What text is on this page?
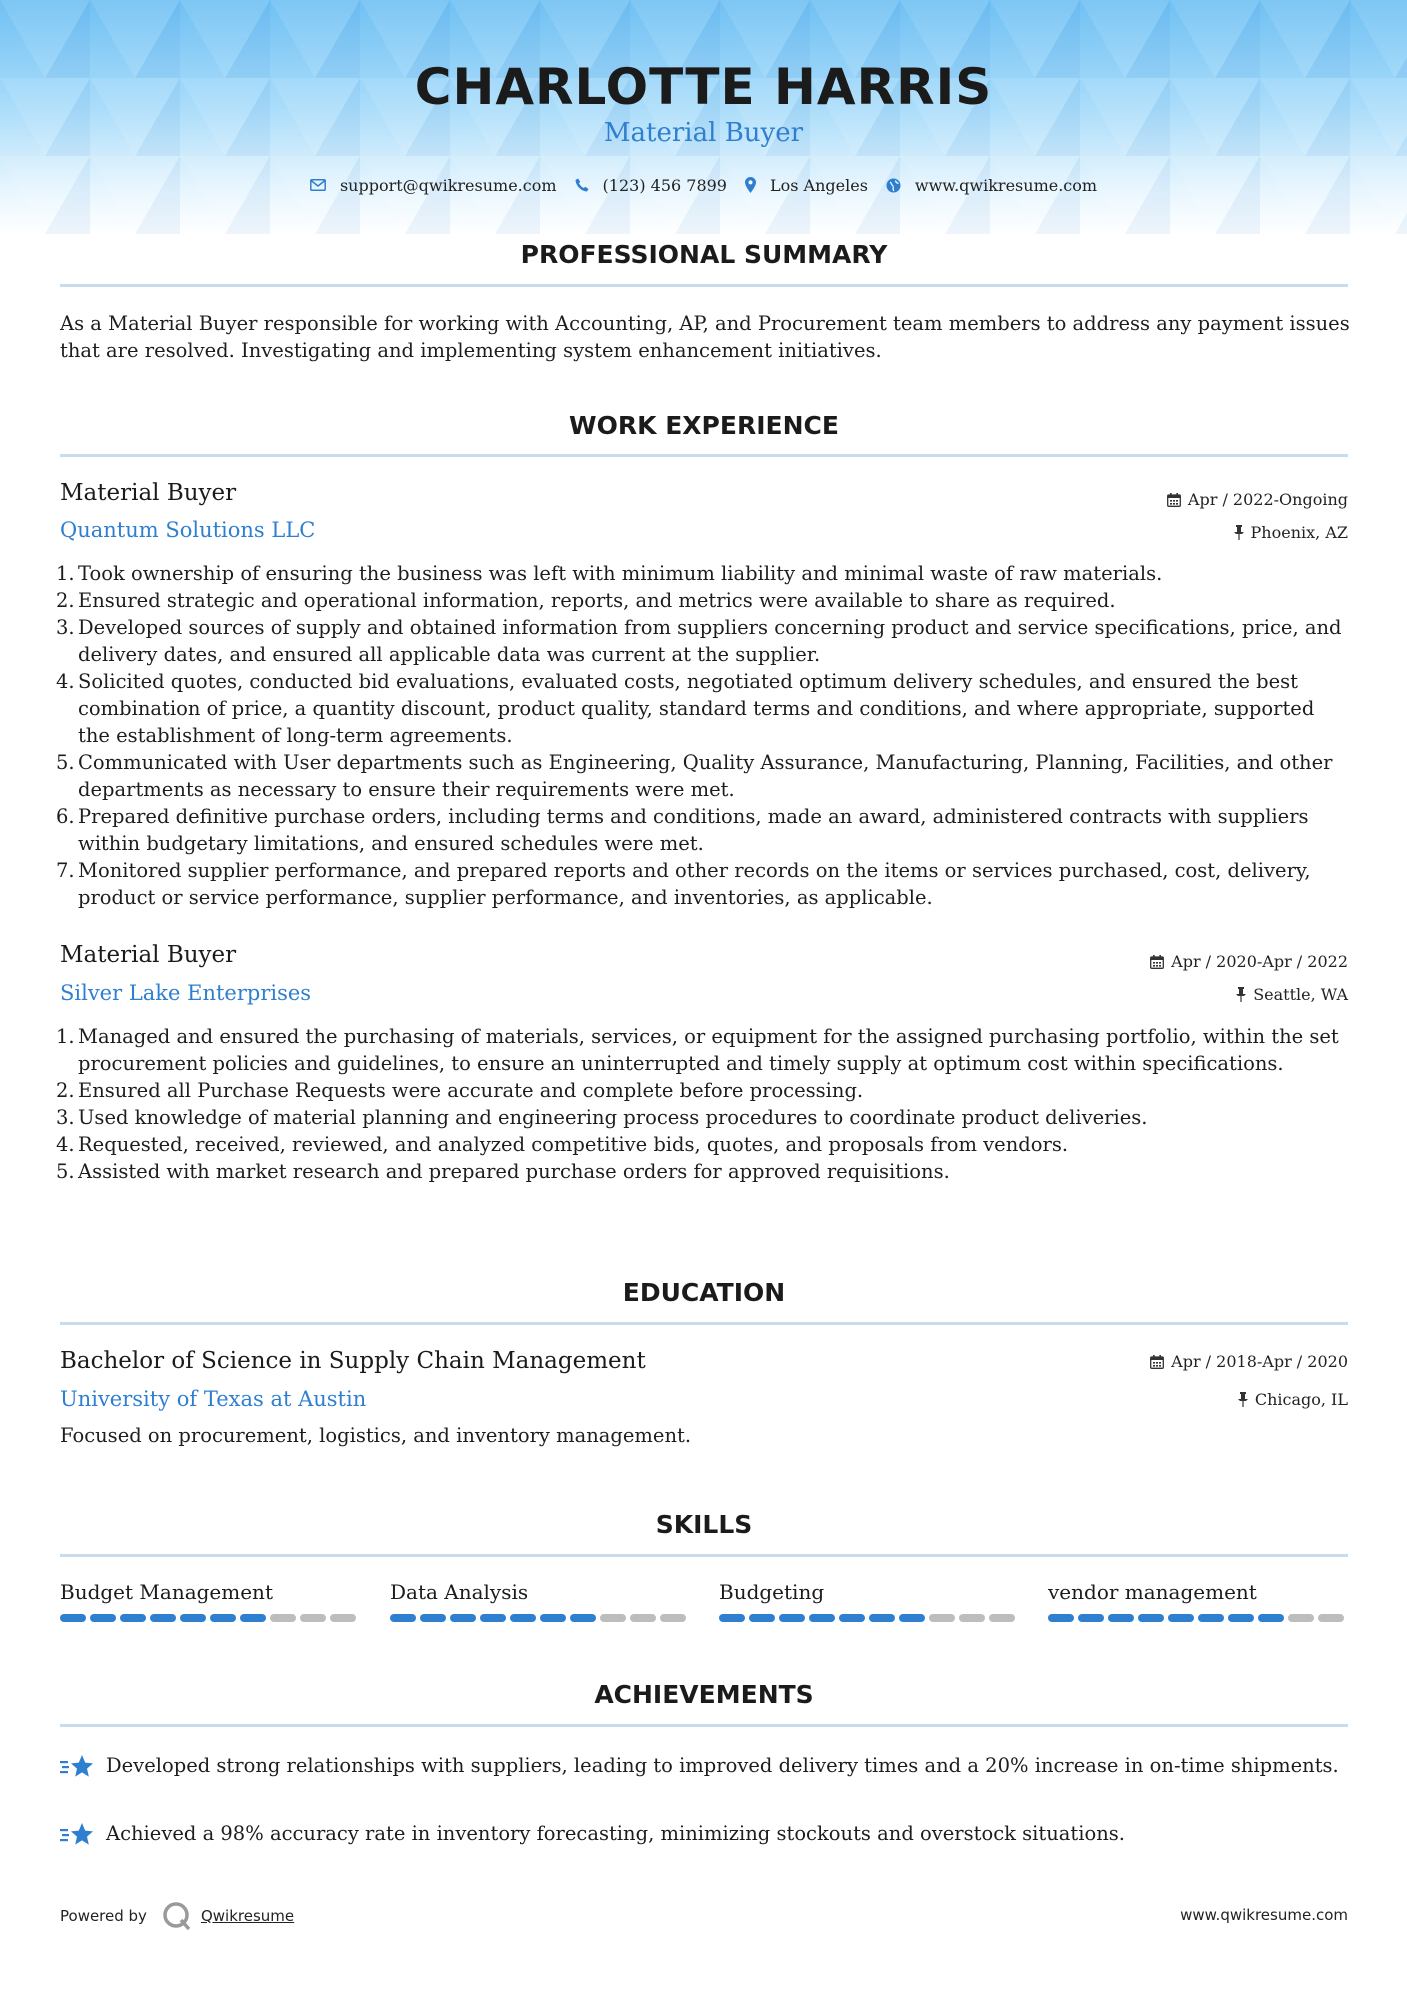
CHARLOTTE HARRIS
Material Buyer
support@qwikresume.com	(123) 456 7899	Los Angeles	www.qwikresume.com
PROFESSIONAL SUMMARY
As a Material Buyer responsible for working with Accounting, AP, and Procurement team members to address any payment issues that are resolved. Investigating and implementing system enhancement initiatives.
WORK EXPERIENCE
Material Buyer	Apr / 2022-Ongoing
Quantum Solutions LLC	Phoenix, AZ
1. Took ownership of ensuring the business was left with minimum liability and minimal waste of raw materials.
2. Ensured strategic and operational information, reports, and metrics were available to share as required.
3. Developed sources of supply and obtained information from suppliers concerning product and service specifications, price, and delivery dates, and ensured all applicable data was current at the supplier.
4. Solicited quotes, conducted bid evaluations, evaluated costs, negotiated optimum delivery schedules, and ensured the best combination of price, a quantity discount, product quality, standard terms and conditions, and where appropriate, supported the establishment of long-term agreements.
5. Communicated with User departments such as Engineering, Quality Assurance, Manufacturing, Planning, Facilities, and other departments as necessary to ensure their requirements were met.
6. Prepared definitive purchase orders, including terms and conditions, made an award, administered contracts with suppliers within budgetary limitations, and ensured schedules were met.
7. Monitored supplier performance, and prepared reports and other records on the items or services purchased, cost, delivery, product or service performance, supplier performance, and inventories, as applicable.
Material Buyer	Apr / 2020-Apr / 2022
Silver Lake Enterprises	Seattle, WA
1. Managed and ensured the purchasing of materials, services, or equipment for the assigned purchasing portfolio, within the set procurement policies and guidelines, to ensure an uninterrupted and timely supply at optimum cost within specifications.
2. Ensured all Purchase Requests were accurate and complete before processing.
3. Used knowledge of material planning and engineering process procedures to coordinate product deliveries.
4. Requested, received, reviewed, and analyzed competitive bids, quotes, and proposals from vendors.
5. Assisted with market research and prepared purchase orders for approved requisitions.
EDUCATION
Bachelor of Science in Supply Chain Management	Apr / 2018-Apr / 2020
University of Texas at Austin	Chicago, IL
Focused on procurement, logistics, and inventory management.
SKILLS
Budget Management	Data Analysis	Budgeting	vendor management
ACHIEVEMENTS
Developed strong relationships with suppliers, leading to improved delivery times and a 20% increase in on-time shipments.
Achieved a 98% accuracy rate in inventory forecasting, minimizing stockouts and overstock situations.
Powered by	Qwikresume	www.qwikresume.com
